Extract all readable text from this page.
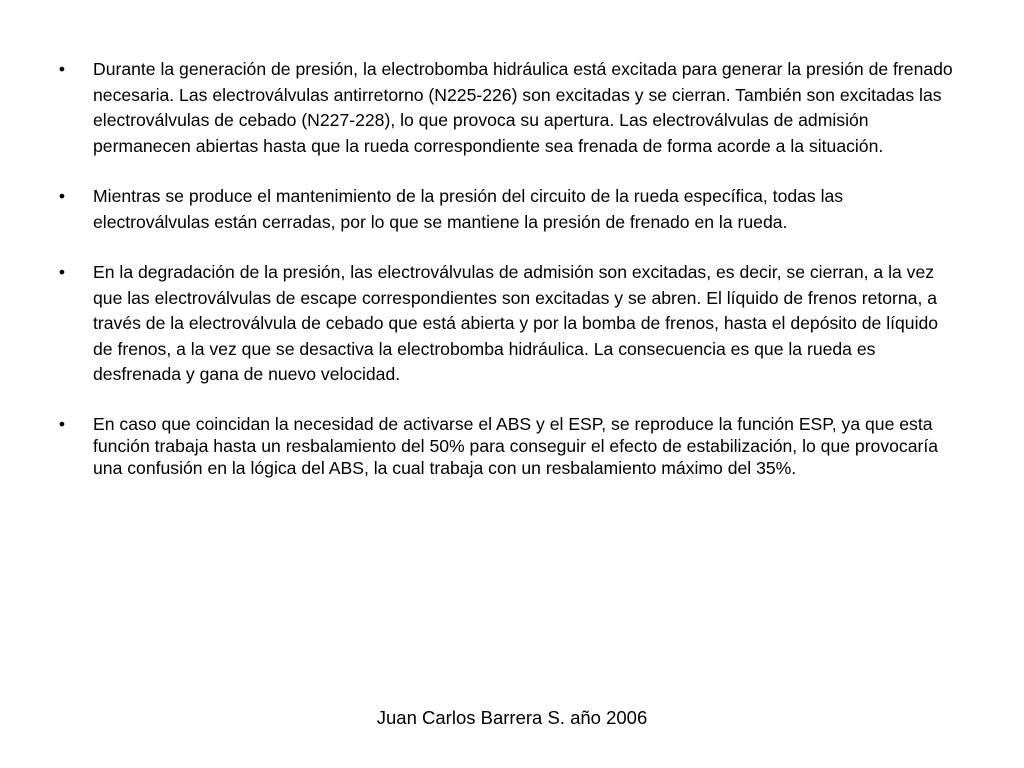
• Durante la generación de presión, la electrobomba hidráulica está excitada para generar la presión de frenado necesaria. Las electroválvulas antirretorno (N225-226) son excitadas y se cierran. También son excitadas las electroválvulas de cebado (N227-228), lo que provoca su apertura. Las electroválvulas de admisión permanecen abiertas hasta que la rueda correspondiente sea frenada de forma acorde a la situación.
• Mientras se produce el mantenimiento de la presión del circuito de la rueda específica, todas las electroválvulas están cerradas, por lo que se mantiene la presión de frenado en la rueda.
• En la degradación de la presión, las electroválvulas de admisión son excitadas, es decir, se cierran, a la vez que las electroválvulas de escape correspondientes son excitadas y se abren. El líquido de frenos retorna, a través de la electroválvula de cebado que está abierta y por la bomba de frenos, hasta el depósito de líquido de frenos, a la vez que se desactiva la electrobomba hidráulica. La consecuencia es que la rueda es desfrenada y gana de nuevo velocidad.
• En caso que coincidan la necesidad de activarse el ABS y el ESP, se reproduce la función ESP, ya que esta función trabaja hasta un resbalamiento del 50% para conseguir el efecto de estabilización, lo que provocaría una confusión en la lógica del ABS, la cual trabaja con un resbalamiento máximo del 35%.
Juan Carlos Barrera S. año 2006
